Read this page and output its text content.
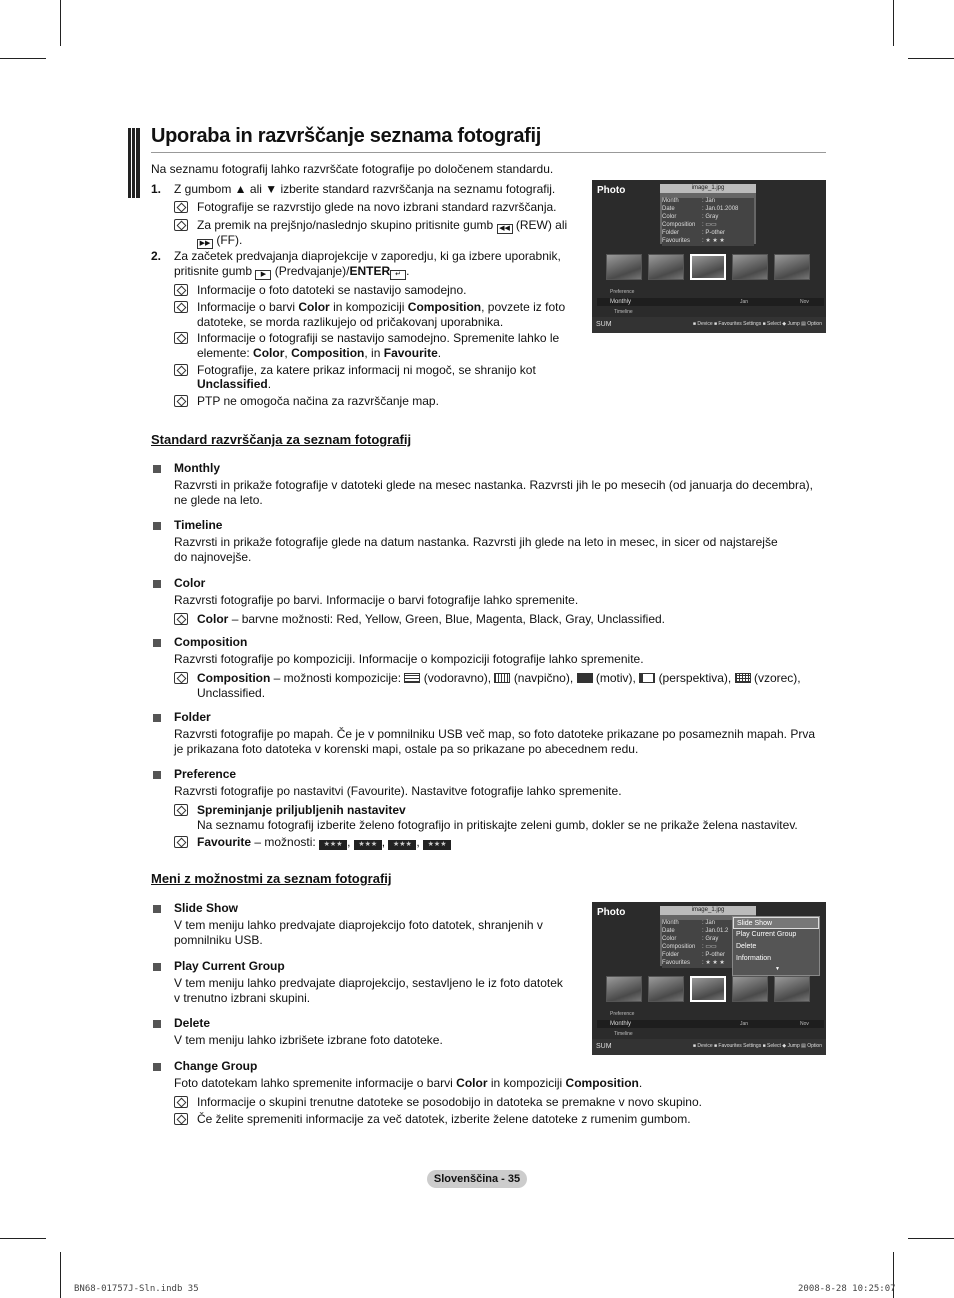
Uporaba in razvrščanje seznama fotografij
Na seznamu fotografij lahko razvrščate fotografije po določenem standardu.
1. Z gumbom ▲ ali ▼ izberite standard razvrščanja na seznamu fotografij.
Fotografije se razvrstijo glede na novo izbrani standard razvrščanja.
Za premik na prejšnjo/naslednjo skupino pritisnite gumb ◀◀ (REW) ali
▶▶ (FF).
2. Za začetek predvajanja diaprojekcije v zaporedju, ki ga izbere uporabnik,
pritisnite gumb ▶ (Predvajanje)/ENTER ↵ .
Informacije o foto datoteki se nastavijo samodejno.
Informacije o barvi Color in kompoziciji Composition, povzete iz foto
datoteke, se morda razlikujejo od pričakovanj uporabnika.
Informacije o fotografiji se nastavijo samodejno. Spremenite lahko le
elemente: Color, Composition, in Favourite.
Fotografije, za katere prikaz informacij ni mogoč, se shranijo kot
Unclassified.
PTP ne omogoča načina za razvrščanje map.
Photo	image_1.jpg
Month	: Jan
Date	: Jan.01.2008
Color	: Gray
Composition	: ▭▭
Folder	: P-other
Favourites	: ★ ★ ★
Preference
Monthly	Jan	Nov
Timeline
SUM	■ Device ■ Favourites Settings ■ Select ◆ Jump ▤ Option
Standard razvrščanja za seznam fotografij
Monthly
Razvrsti in prikaže fotografije v datoteki glede na mesec nastanka. Razvrsti jih le po mesecih (od januarja do decembra), ne glede na leto.
Timeline
Razvrsti in prikaže fotografije glede na datum nastanka. Razvrsti jih glede na leto in mesec, in sicer od najstarejše do najnovejše.
Color
Razvrsti fotografije po barvi. Informacije o barvi fotografije lahko spremenite.
Color – barvne možnosti: Red, Yellow, Green, Blue, Magenta, Black, Gray, Unclassified.
Composition
Razvrsti fotografije po kompoziciji. Informacije o kompoziciji fotografije lahko spremenite.
Composition – možnosti kompozicije: (vodoravno), (navpično), (motiv), (perspektiva), (vzorec),
Unclassified.
Folder
Razvrsti fotografije po mapah. Če je v pomnilniku USB več map, so foto datoteke prikazane po posameznih mapah. Prva je prikazana foto datoteka v korenski mapi, ostale pa so prikazane po abecednem redu.
Preference
Razvrsti fotografije po nastavitvi (Favourite). Nastavitve fotografije lahko spremenite.
Spreminjanje priljubljenih nastavitev
Na seznamu fotografij izberite želeno fotografijo in pritiskajte zeleni gumb, dokler se ne prikaže želena nastavitev.
Favourite – možnosti: ★★★ , ★★★ , ★★★ , ★★★
Meni z možnostmi za seznam fotografij
Slide Show
V tem meniju lahko predvajate diaprojekcijo foto datotek, shranjenih v pomnilniku USB.
Play Current Group
V tem meniju lahko predvajate diaprojekcijo, sestavljeno le iz foto datotek v trenutno izbrani skupini.
Delete
V tem meniju lahko izbrišete izbrane foto datoteke.
Change Group
Foto datotekam lahko spremenite informacije o barvi Color in kompoziciji Composition.
Informacije o skupini trenutne datoteke se posodobijo in datoteka se premakne v novo skupino.
Če želite spremeniti informacije za več datotek, izberite želene datoteke z rumenim gumbom.
Photo	image_1.jpg
Month	: Jan
Date	: Jan.01.2
Color	: Gray
Composition	: ▭▭
Folder	: P-other
Favourites	: ★ ★ ★
Slide Show
Play Current Group
Delete
Information
▼
Preference
Monthly	Jan	Nov
Timeline
SUM	■ Device ■ Favourites Settings ■ Select ◆ Jump ▤ Option
Slovenščina - 35
BN68-01757J-Sln.indb 35	2008-8-28 10:25:07
